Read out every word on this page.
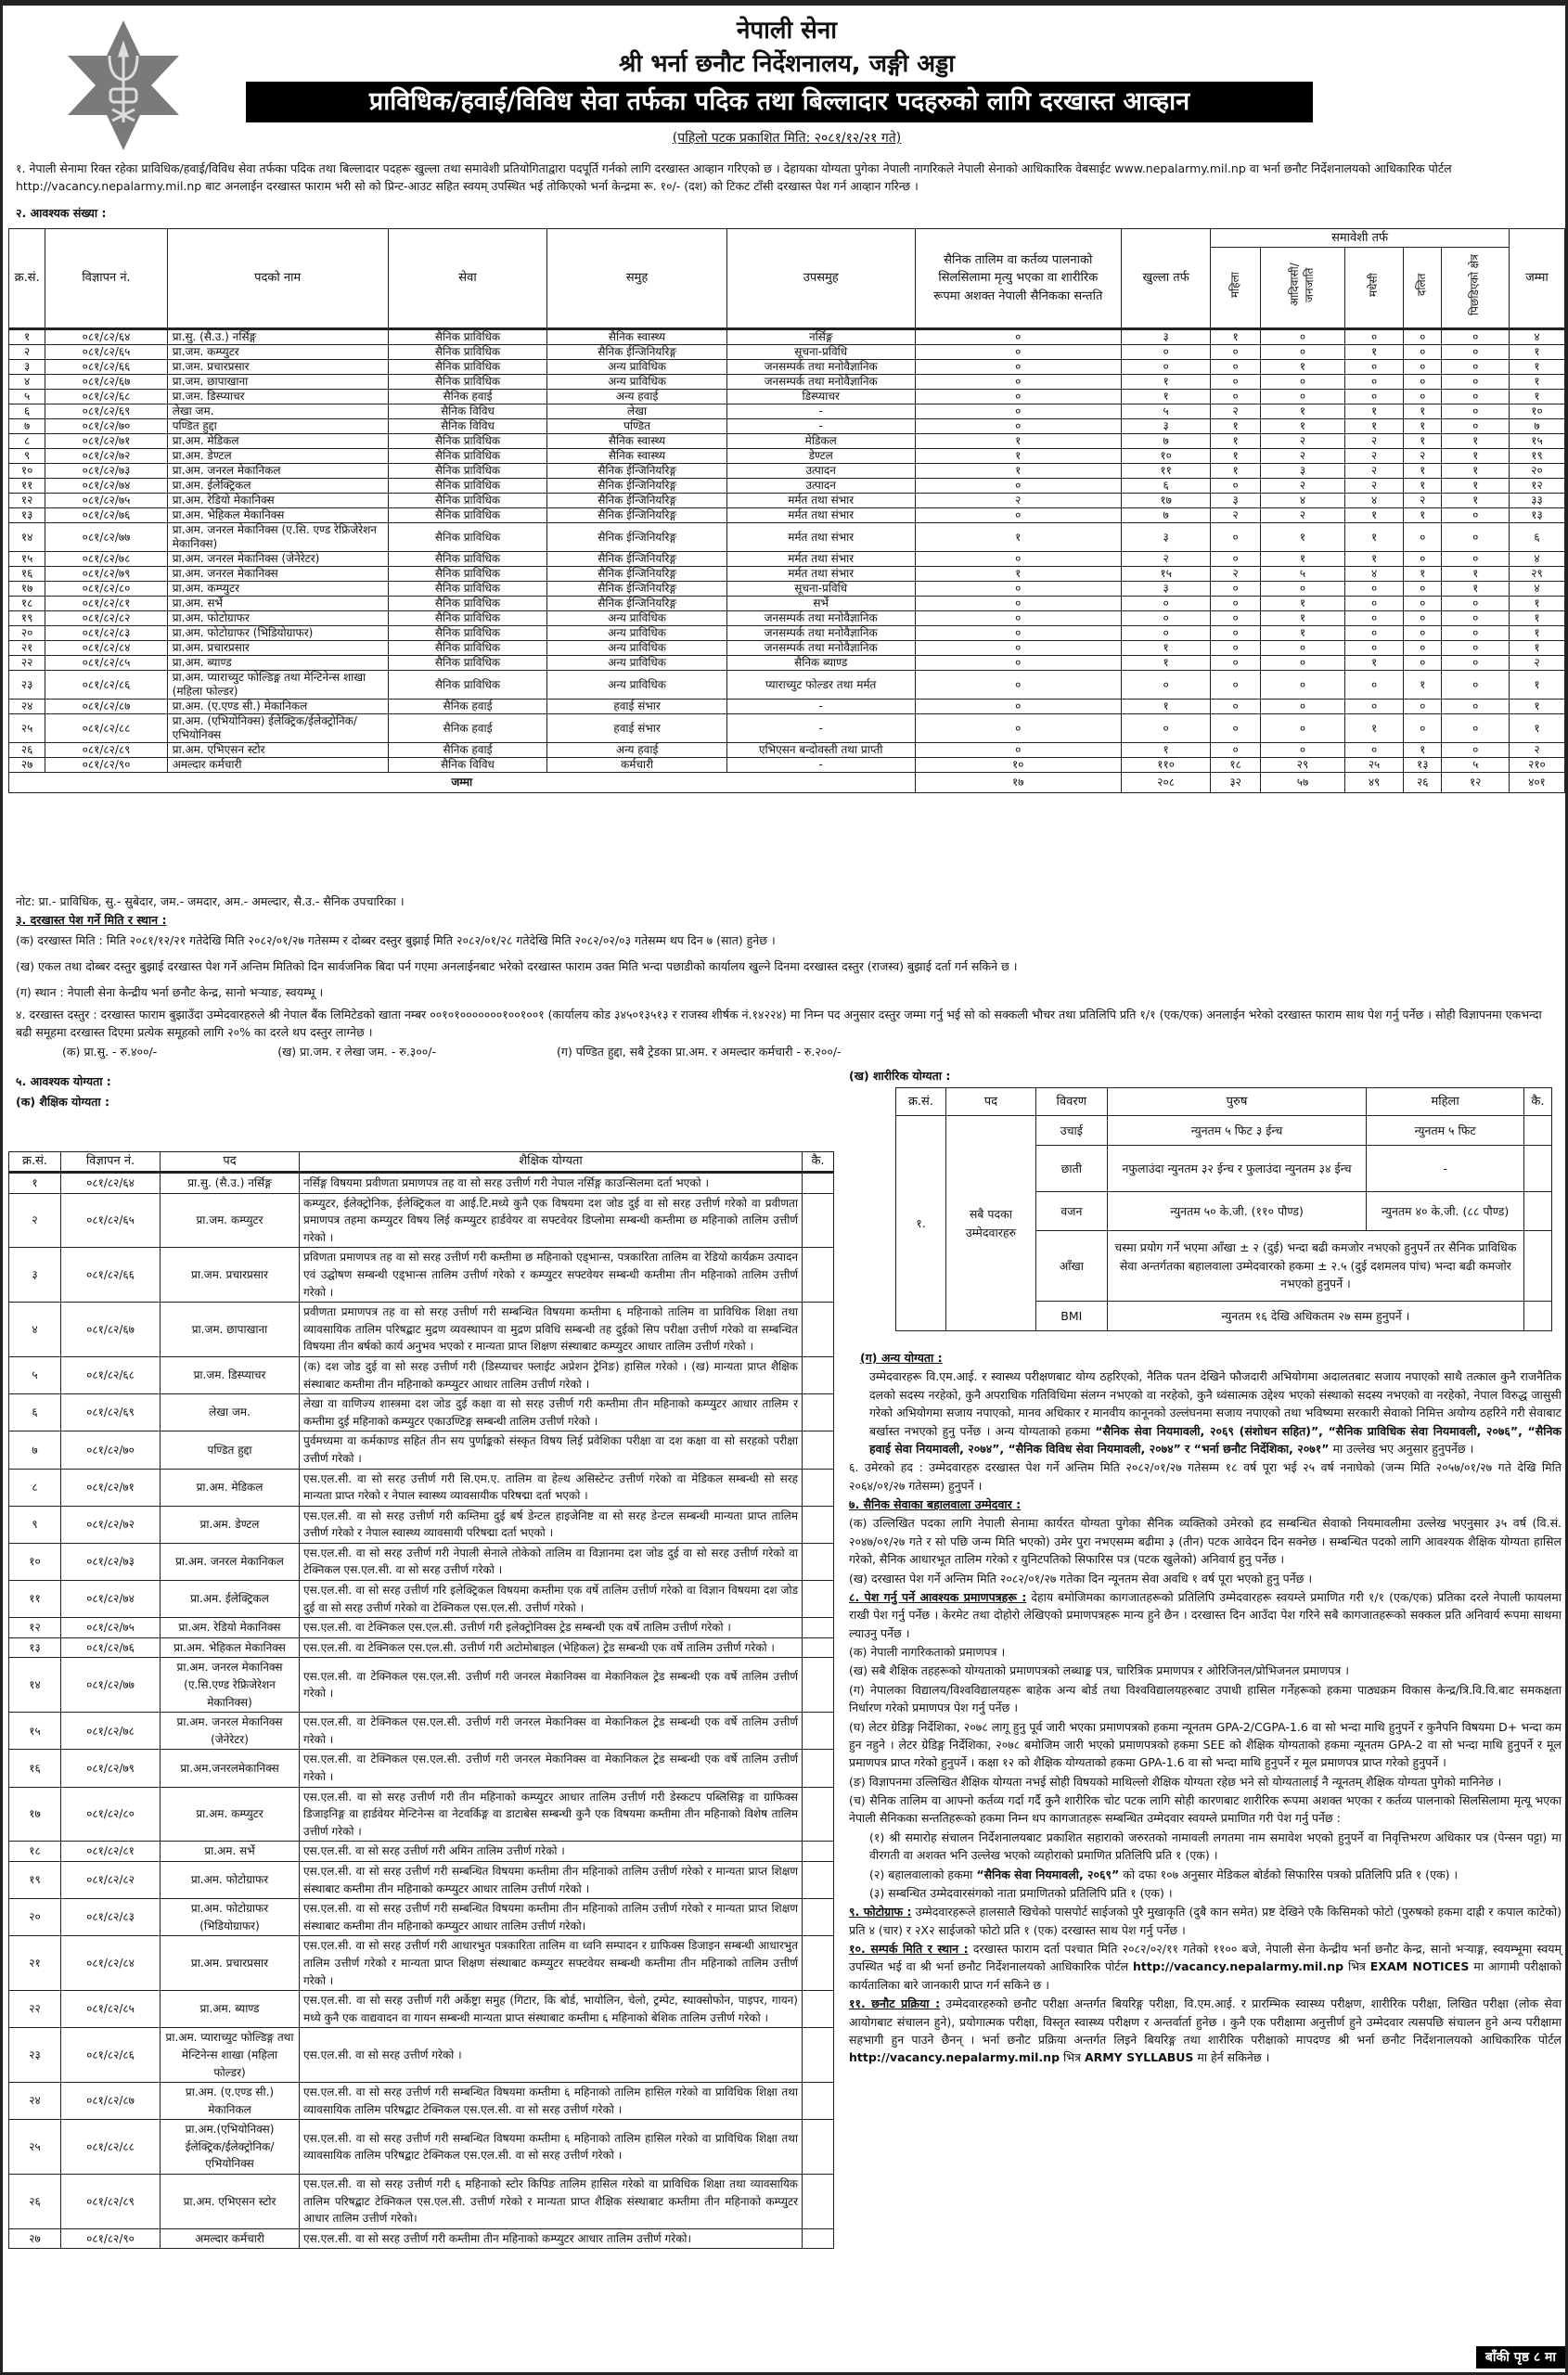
नेपाली सेना
श्री भर्ना छनौट निर्देशनालय, जङ्गी अड्डा
प्राविधिक/हवाई/विविध सेवा तर्फका पदिक तथा बिल्लादार पदहरुको लागि दरखास्त आव्हान
(पहिलो पटक प्रकाशित मिति: २०८१/१२/२१ गते)
१. नेपाली सेनामा रिक्त रहेका प्राविधिक/हवाई/विविध सेवा तर्फका पदिक तथा बिल्लादार पदहरू खुल्ला तथा समावेशी प्रतियोगिताद्वारा पदपूर्ति गर्नको लागि दरखास्त आव्हान गरिएको छ । देहायका योग्यता पुगेका नेपाली नागरिकले नेपाली सेनाको आधिकारिक वेबसाईट www.nepalarmy.mil.np वा भर्ना छनौट निर्देशनालयको आधिकारिक पोर्टल http://vacancy.nepalarmy.mil.np बाट अनलाईन दरखास्त फाराम भरी सो को प्रिन्ट-आउट सहित स्वयम् उपस्थित भई तोकिएको भर्ना केन्द्रमा रू. १०/- (दश) को टिकट टाँसी दरखास्त पेश गर्न आव्हान गरिन्छ ।
२. आवश्यक संख्या :
क्र.सं.	विज्ञापन नं.	पदको नाम	सेवा	समुह	उपसमुह	सैनिक तालिम वा कर्तव्य पालनाको सिलसिलामा मृत्यु भएका वा शारीरिक रूपमा अशक्त नेपाली सैनिकका सन्तति	खुल्ला तर्फ	समावेशी तर्फ					जम्मा
								महिला	आदिवासी/ जनजाति	मधेसी	दलित	पिछडिएको क्षेत्र	
१	०८१/८२/६४	प्रा.सु. (सै.उ.) नर्सिङ्ग	सैनिक प्राविधिक	सैनिक स्वास्थ्य	नर्सिङ्ग	०	३	१	०	०	०	०	४
२	०८१/८२/६५	प्रा.जम. कम्प्युटर	सैनिक प्राविधिक	सैनिक ईन्जिनियरिङ्ग	सूचना-प्रविधि	०	०	०	०	१	०	०	१
३	०८१/८२/६६	प्रा.जम. प्रचारप्रसार	सैनिक प्राविधिक	अन्य प्राविधिक	जनसम्पर्क तथा मनोवैज्ञानिक	०	०	०	१	०	०	०	१
४	०८१/८२/६७	प्रा.जम. छापाखाना	सैनिक प्राविधिक	अन्य प्राविधिक	जनसम्पर्क तथा मनोवैज्ञानिक	०	१	०	०	०	०	०	१
५	०८१/८२/६८	प्रा.जम. डिस्प्याचर	सैनिक हवाई	अन्य हवाई	डिस्प्याचर	०	१	०	०	०	०	०	१
६	०८१/८२/६९	लेखा जम.	सैनिक विविध	लेखा	-	०	५	२	१	१	१	०	१०
७	०८१/८२/७०	पण्डित हुद्दा	सैनिक विविध	पण्डित	-	०	३	१	१	१	१	०	७
८	०८१/८२/७१	प्रा.अम. मेडिकल	सैनिक प्राविधिक	सैनिक स्वास्थ्य	मेडिकल	१	७	१	२	२	१	१	१५
९	०८१/८२/७२	प्रा.अम. डेण्टल	सैनिक प्राविधिक	सैनिक स्वास्थ्य	डेण्टल	१	१०	१	२	२	२	१	१९
१०	०८१/८२/७३	प्रा.अम. जनरल मेकानिकल	सैनिक प्राविधिक	सैनिक ईन्जिनियरिङ्ग	उत्पादन	१	११	१	३	२	१	१	२०
११	०८१/८२/७४	प्रा.अम. ईलेक्ट्रिकल	सैनिक प्राविधिक	सैनिक ईन्जिनियरिङ्ग	उत्पादन	०	६	०	२	२	१	१	१२
१२	०८१/८२/७५	प्रा.अम. रेडियो मेकानिक्स	सैनिक प्राविधिक	सैनिक ईन्जिनियरिङ्ग	मर्मत तथा संभार	२	१७	३	४	४	२	१	३३
१३	०८१/८२/७६	प्रा.अम. भेहिकल मेकानिक्स	सैनिक प्राविधिक	सैनिक ईन्जिनियरिङ्ग	मर्मत तथा संभार	०	७	२	२	१	१	०	१३
१४	०८१/८२/७७	प्रा.अम. जनरल मेकानिक्स (ए.सि. एण्ड रेफ्रिजेरेशन मेकानिक्स)	सैनिक प्राविधिक	सैनिक ईन्जिनियरिङ्ग	मर्मत तथा संभार	१	३	०	१	१	०	०	६
१५	०८१/८२/७८	प्रा.अम. जनरल मेकानिक्स (जेनेरेटर)	सैनिक प्राविधिक	सैनिक ईन्जिनियरिङ्ग	मर्मत तथा संभार	०	२	०	१	१	०	०	४
१६	०८१/८२/७९	प्रा.अम. जनरल मेकानिक्स	सैनिक प्राविधिक	सैनिक ईन्जिनियरिङ्ग	मर्मत तथा संभार	१	१५	२	५	४	१	१	२९
१७	०८१/८२/८०	प्रा.अम. कम्प्युटर	सैनिक प्राविधिक	सैनिक ईन्जिनियरिङ्ग	सूचना-प्रविधि	०	३	०	०	०	०	१	४
१८	०८१/८२/८१	प्रा.अम. सर्भे	सैनिक प्राविधिक	सैनिक ईन्जिनियरिङ्ग	सर्भे	०	०	०	१	०	०	०	१
१९	०८१/८२/८२	प्रा.अम. फोटोग्राफर	सैनिक प्राविधिक	अन्य प्राविधिक	जनसम्पर्क तथा मनोवैज्ञानिक	०	०	०	१	०	०	०	१
२०	०८१/८२/८३	प्रा.अम. फोटोग्राफर (भिडियोग्राफर)	सैनिक प्राविधिक	अन्य प्राविधिक	जनसम्पर्क तथा मनोवैज्ञानिक	०	०	०	१	०	०	०	१
२१	०८१/८२/८४	प्रा.अम. प्रचारप्रसार	सैनिक प्राविधिक	अन्य प्राविधिक	जनसम्पर्क तथा मनोवैज्ञानिक	०	१	०	०	०	०	०	१
२२	०८१/८२/८५	प्रा.अम. ब्याण्ड	सैनिक प्राविधिक	अन्य प्राविधिक	सैनिक ब्याण्ड	०	१	०	०	१	०	०	२
२३	०८१/८२/८६	प्रा.अम. प्याराच्युट फोल्डिङ्ग तथा मेन्टिनेन्स शाखा (महिला फोल्डर)	सैनिक प्राविधिक	अन्य प्राविधिक	प्याराच्युट फोल्डर तथा मर्मत	०	०	०	०	०	१	०	१
२४	०८१/८२/८७	प्रा.अम. (ए.एण्ड सी.) मेकानिकल	सैनिक हवाई	हवाई संभार	-	०	१	०	०	०	०	०	१
२५	०८१/८२/८८	प्रा.अम. (एभियोनिक्स) ईलेक्ट्रिक/ईलेक्ट्रोनिक/ एभियोनिक्स	सैनिक हवाई	हवाई संभार	-	०	०	०	०	१	०	०	१
२६	०८१/८२/८९	प्रा.अम. एभिएसन स्टोर	सैनिक हवाई	अन्य हवाई	एभिएसन बन्दोवस्ती तथा प्राप्ती	०	१	०	०	०	१	०	२
२७	०८१/८२/९०	अमल्दार कर्मचारी	सैनिक विविध	कर्मचारी	-	१०	११०	१८	२९	२५	१३	५	२१०
जम्मा						१७	२०८	३२	५७	४९	२६	१२	४०१
नोट: प्रा.- प्राविधिक, सु.- सुबेदार, जम.- जमदार, अम.- अमल्दार, सै.उ.- सैनिक उपचारिका ।
३. दरखास्त पेश गर्ने मिति र स्थान :
(क) दरखास्त मिति : मिति २०८१/१२/२१ गतेदेखि मिति २०८२/०१/२७ गतेसम्म र दोब्बर दस्तुर बुझाई मिति २०८२/०१/२८ गतेदेखि मिति २०८२/०२/०३ गतेसम्म थप दिन ७ (सात) हुनेछ ।
(ख) एकल तथा दोब्बर दस्तुर बुझाई दरखास्त पेश गर्ने अन्तिम मितिको दिन सार्वजनिक बिदा पर्न गएमा अनलाईनबाट भरेको दरखास्त फाराम उक्त मिति भन्दा पछाडीको कार्यालय खुल्ने दिनमा दरखास्त दस्तुर (राजस्व) बुझाई दर्ता गर्न सकिने छ ।
(ग) स्थान : नेपाली सेना केन्द्रीय भर्ना छनौट केन्द्र, सानो भऱ्याङ, स्वयम्भू ।
४. दरखास्त दस्तुर : दरखास्त फाराम बुझाउँदा उम्मेदवारहरुले श्री नेपाल बैंक लिमिटेडको खाता नम्बर ००१०१०००००००१००१००१ (कार्यालय कोड ३४५०१३५१३ र राजस्व शीर्षक नं.१४२२४) मा निम्न पद अनुसार दस्तुर जम्मा गर्नु भई सो को सक्कली भौचर तथा प्रतिलिपि प्रति १/१ (एक/एक) अनलाईन भरेको दरखास्त फाराम साथ पेश गर्नु पर्नेछ । सोही विज्ञापनमा एकभन्दा बढी समूहमा दरखास्त दिएमा प्रत्येक समूहको लागि २०% का दरले थप दस्तुर लाग्नेछ ।
(क) प्रा.सु. - रु.४००/-	(ख) प्रा.जम. र लेखा जम. - रु.३००/-	(ग) पण्डित हुद्दा, सबै ट्रेडका प्रा.अम. र अमल्दार कर्मचारी - रु.२००/-
५. आवश्यक योग्यता :
(क) शैक्षिक योग्यता :
क्र.सं.	विज्ञापन नं.	पद	शैक्षिक योग्यता	कै.
१	०८१/८२/६४	प्रा.सु. (सै.उ.) नर्सिङ्ग	नर्सिङ्ग विषयमा प्रवीणता प्रमाणपत्र तह वा सो सरह उत्तीर्ण गरी नेपाल नर्सिङ्ग काउन्सिलमा दर्ता भएको ।	
२	०८१/८२/६५	प्रा.जम. कम्प्युटर	कम्प्युटर, ईलेक्ट्रोनिक, ईलेक्ट्रिकल वा आई.टि.मध्ये कुनै एक विषयमा दश जोड दुई वा सो सरह उत्तीर्ण गरेको वा प्रवीणता प्रमाणपत्र तहमा कम्प्युटर विषय लिई कम्प्युटर हार्डवेयर वा सफ्टवेयर डिप्लोमा सम्बन्धी कम्तीमा छ महिनाको तालिम उत्तीर्ण गरेको ।	
३	०८१/८२/६६	प्रा.जम. प्रचारप्रसार	प्रविणता प्रमाणपत्र तह वा सो सरह उत्तीर्ण गरी कम्तीमा छ महिनाको एड्भान्स, पत्रकारिता तालिम वा रेडियो कार्यक्रम उत्पादन एवं उद्घोषण सम्बन्धी एड्भान्स तालिम उत्तीर्ण गरेको र कम्प्युटर सफ्टवेयर सम्बन्धी कम्तीमा तीन महिनाको तालिम उत्तीर्ण गरेको ।	
४	०८१/८२/६७	प्रा.जम. छापाखाना	प्रवीणता प्रमाणपत्र तह वा सो सरह उत्तीर्ण गरी सम्बन्धित विषयमा कम्तीमा ६ महिनाको तालिम वा प्राविधिक शिक्षा तथा व्यावसायिक तालिम परिषद्बाट मुद्रण व्यवस्थापन वा मुद्रण प्रविधि सम्बन्धी तह दुईको सिप परीक्षा उत्तीर्ण गरेको वा सम्बन्धित विषयमा तीन बर्षको कार्य अनुभव भएको र मान्यता प्राप्त शिक्षण संस्थाबाट कम्प्युटर आधार तालिम उत्तीर्ण गरेको ।	
५	०८१/८२/६८	प्रा.जम. डिस्प्याचर	(क) दश जोड दुई वा सो सरह उत्तीर्ण गरी (डिस्प्याचर फ्लाईट अप्रेशन ट्रेनिङ) हासिल गरेको । (ख) मान्यता प्राप्त शैक्षिक संस्थाबाट कम्तीमा तीन महिनाको कम्प्युटर आधार तालिम उत्तीर्ण गरेको ।	
६	०८१/८२/६९	लेखा जम.	लेखा वा वाणिज्य शास्त्रमा दश जोड दुई कक्षा वा सो सरह उत्तीर्ण गरी कम्तीमा तीन महिनाको कम्प्युटर आधार तालिम र कम्तीमा दुई महिनाको कम्प्युटर एकाउण्टिङ्ग सम्बन्धी तालिम उत्तीर्ण गरेको ।	
७	०८१/८२/७०	पण्डित हुद्दा	पुर्वमध्यमा वा कर्मकाण्ड सहित तीन सय पुर्णाङ्कको संस्कृत विषय लिई प्रवेशिका परीक्षा वा दश कक्षा वा सो सरहको परीक्षा उत्तीर्ण गरेको ।	
८	०८१/८२/७१	प्रा.अम. मेडिकल	एस.एल.सी. वा सो सरह उत्तीर्ण गरी सि.एम.ए. तालिम वा हेल्थ असिस्टेन्ट उत्तीर्ण गरेको वा मेडिकल सम्बन्धी सो सरह मान्यता प्राप्त गरेको र नेपाल स्वास्थ्य व्यावसायीक परिषद्मा दर्ता भएको ।	
९	०८१/८२/७२	प्रा.अम. डेण्टल	एस.एल.सी. वा सो सरह उत्तीर्ण गरी कम्तिमा दुई बर्ष डेन्टल हाइजेनिष्ट वा सो सरह डेन्टल सम्बन्धी मान्यता प्राप्त तालिम उत्तीर्ण गरेको र नेपाल स्वास्थ्य व्यावसायी परिषद्मा दर्ता भएको ।	
१०	०८१/८२/७३	प्रा.अम. जनरल मेकानिकल	एस.एल.सी. वा सो सरह उत्तीर्ण गरी नेपाली सेनाले तोकेको तालिम वा विज्ञानमा दश जोड दुई वा सो सरह उत्तीर्ण गरेको वा टेक्निकल एस.एल.सी. वा सो सरह उत्तीर्ण गरेको ।	
११	०८१/८२/७४	प्रा.अम. ईलेक्ट्रिकल	एस.एल.सी. वा सो सरह उत्तीर्ण गरि इलेक्ट्रिकल विषयमा कम्तीमा एक वर्षे तालिम उत्तीर्ण गरेको वा विज्ञान विषयमा दश जोड दुई वा सो सरह उत्तीर्ण गरेको वा टेक्निकल एस.एल.सी. उत्तीर्ण गरेको ।	
१२	०८१/८२/७५	प्रा.अम. रेडियो मेकानिक्स	एस.एल.सी. वा टेक्निकल एस.एल.सी. उत्तीर्ण गरी इलेक्ट्रोनिक्स ट्रेड सम्बन्धी एक वर्षे तालिम उत्तीर्ण गरेको ।	
१३	०८१/८२/७६	प्रा.अम. भेहिकल मेकानिक्स	एस.एल.सी. वा टेक्निकल एस.एल.सी. उत्तीर्ण गरी अटोमोबाइल (भेहिकल) ट्रेड सम्बन्धी एक वर्षे तालिम उत्तीर्ण गरेको ।	
१४	०८१/८२/७७	प्रा.अम. जनरल मेकानिक्स (ए.सि.एण्ड रेफ्रिजेरेशन मेकानिक्स)	एस.एल.सी. वा टेक्निकल एस.एल.सी. उत्तीर्ण गरी जनरल मेकानिक्स वा मेकानिकल ट्रेड सम्बन्धी एक वर्षे तालिम उत्तीर्ण गरेको ।	
१५	०८१/८२/७८	प्रा.अम. जनरल मेकानिक्स (जेनेरेटर)	एस.एल.सी. वा टेक्निकल एस.एल.सी. उत्तीर्ण गरी जनरल मेकानिक्स वा मेकानिकल ट्रेड सम्बन्धी एक वर्षे तालिम उत्तीर्ण गरेको ।	
१६	०८१/८२/७९	प्रा.अम.जनरलमेकानिक्स	एस.एल.सी. वा टेक्निकल एस.एल.सी. उत्तीर्ण गरी जनरल मेकानिक्स वा मेकानिकल ट्रेड सम्बन्धी एक वर्षे तालिम उत्तीर्ण गरेको ।	
१७	०८१/८२/८०	प्रा.अम. कम्प्युटर	एस.एल.सी. वा सो सरह उत्तीर्ण गरी तीन महिनाको कम्प्युटर आधार तालिम उत्तीर्ण गरी डेस्कटप पब्लिसिङ्ग वा ग्राफिक्स डिजाइनिङ्ग वा हार्डवेयर मेन्टिनेन्स वा नेटवर्किङ्ग वा डाटाबेस सम्बन्धी कुनै एक विषयमा कम्तीमा तीन महिनाको विशेष तालिम उत्तीर्ण गरेको ।	
१८	०८१/८२/८१	प्रा.अम. सर्भे	एस.एल.सी. वा सो सरह उत्तीर्ण गरी अमिन तालिम उत्तीर्ण गरेको ।	
१९	०८१/८२/८२	प्रा.अम. फोटोग्राफर	एस.एल.सी. वा सो सरह उत्तीर्ण गरी सम्बन्धित विषयमा कम्तीमा तीन महिनाको तालिम उत्तीर्ण गरेको र मान्यता प्राप्त शिक्षण संस्थाबाट कम्तीमा तीन महिनाको कम्प्युटर आधार तालिम उत्तीर्ण गरेको ।	
२०	०८१/८२/८३	प्रा.अम. फोटोग्राफर (भिडियोग्राफर)	एस.एल.सी. वा सो सरह उत्तीर्ण गरी सम्बन्धित विषयमा कम्तीमा तीन महिनाको तालिम उत्तीर्ण गरेको र मान्यता प्राप्त शिक्षण संस्थाबाट कम्तीमा तीन महिनाको कम्प्युटर आधार तालिम उत्तीर्ण गरेको।	
२१	०८१/८२/८४	प्रा.अम. प्रचारप्रसार	एस.एल.सी. वा सो सरह उत्तीर्ण गरी आधारभुत पत्रकारिता तालिम वा ध्वनि सम्पादन र ग्राफिक्स डिजाइन सम्बन्धी आधारभुत तालिम उत्तीर्ण गरेको र मान्यता प्राप्त शिक्षण संस्थाबाट कम्प्युटर सफ्टवेयर सम्बन्धी कम्तीमा तीन महिनाको तालिम उत्तीर्ण गरेको ।	
२२	०८१/८२/८५	प्रा.अम. ब्याण्ड	एस.एल.सी. वा सो सरह उत्तीर्ण गरी अर्केष्ट्रा समुह (गिटार, कि बोर्ड, भायोलिन, चेलो, ट्रम्पेट, स्याक्सोफोन, पाइपर, गायन) मध्ये कुनै एक वाद्यवादन वा गायन सम्बन्धी मान्यता प्राप्त संस्थाबाट कम्तीमा ६ महिनाको बेशिक तालिम उत्तीर्ण गरेको ।	
२३	०८१/८२/८६	प्रा.अम. प्याराच्युट फोल्डिङ्ग तथा मेन्टिनेन्स शाखा (महिला फोल्डर)	एस.एल.सी. वा सो सरह उत्तीर्ण गरेको ।	
२४	०८१/८२/८७	प्रा.अम. (ए.एण्ड सी.) मेकानिकल	एस.एल.सी. वा सो सरह उत्तीर्ण गरी सम्बन्धित विषयमा कम्तीमा ६ महिनाको तालिम हासिल गरेको वा प्राविधिक शिक्षा तथा व्यावसायिक तालिम परिषद्बाट टेक्निकल एस.एल.सी. वा सो सरह उत्तीर्ण गरेको ।	
२५	०८१/८२/८८	प्रा.अम.(एभियोनिक्स) ईलेक्ट्रिक/ईलेक्ट्रोनिक/ एभियोनिक्स	एस.एल.सी. वा सो सरह उत्तीर्ण गरी सम्बन्धित विषयमा कम्तीमा ६ महिनाको तालिम हासिल गरेको वा प्राविधिक शिक्षा तथा व्यावसायिक तालिम परिषद्बाट टेक्निकल एस.एल.सी. वा सो सरह उत्तीर्ण गरेको ।	
२६	०८१/८२/८९	प्रा.अम. एभिएसन स्टोर	एस.एल.सी. वा सो सरह उत्तीर्ण गरी ६ महिनाको स्टोर किपिङ तालिम हासिल गरेको वा प्राविधिक शिक्षा तथा व्यावसायिक तालिम परिषद्बाट टेक्निकल एस.एल.सी. उत्तीर्ण गरेको र मान्यता प्राप्त शैक्षिक संस्थाबाट कम्तीमा तीन महिनाको कम्प्युटर आधार तालिम उत्तीर्ण गरेको।	
२७	०८१/८२/९०	अमल्दार कर्मचारी	एस.एल.सी. वा सो सरह उत्तीर्ण गरी कम्तीमा तीन महिनाको कम्प्युटर आधार तालिम उत्तीर्ण गरेको।	
(ख) शारीरिक योग्यता :
क्र.सं.	पद	विवरण	पुरुष	महिला	कै.
१.	सबै पदका उम्मेदवारहरु	उचाई	न्युनतम ५ फिट ३ ईन्च	न्युनतम ५ फिट	
		छाती	नफुलाउंदा न्युनतम ३२ ईन्च र फुलाउंदा न्युनतम ३४ ईन्च	-	
		वजन	न्युनतम ५० के.जी. (११० पौण्ड)	न्युनतम ४० के.जी. (८८ पौण्ड)	
		आँखा	चस्मा प्रयोग गर्ने भएमा आँखा ± २ (दुई) भन्दा बढी कमजोर नभएको हुनुपर्ने तर सैनिक प्राविधिक सेवा अन्तर्गतका बहालवाला उम्मेदवारको हकमा ± २.५ (दुई दशमलव पांच) भन्दा बढी कमजोर नभएको हुनुपर्ने ।		
		BMI	न्युनतम १६ देखि अधिकतम २७ सम्म हुनुपर्ने ।		
(ग) अन्य योग्यता :
उम्मेदवारहरू वि.एम.आई. र स्वास्थ्य परीक्षणबाट योग्य ठहरिएको, नैतिक पतन देखिने फौजदारी अभियोगमा अदालतबाट सजाय नपाएको साथै तत्काल कुनै राजनैतिक दलको सदस्य नरहेको, कुनै अपराधिक गतिविधिमा संलग्न नभएको वा नरहेको, कुनै ध्वंसात्मक उद्देश्य भएको संस्थाको सदस्य नभएको वा नरहेको, नेपाल विरुद्ध जासुसी गरेको अभियोगमा सजाय नपाएको, मानव अधिकार र मानवीय कानूनको उल्लंघनमा सजाय नपाएको तथा भविष्यमा सरकारी सेवाको निमित्त अयोग्य ठहरिने गरी सेवाबाट बर्खास्त नभएको हुनु पर्नेछ । अन्य योग्यताको हकमा “सैनिक सेवा नियमावली, २०६९ (संशोधन सहित)”, “सैनिक प्राविधिक सेवा नियमावली, २०७६”, “सैनिक हवाई सेवा नियमावली, २०७४”, “सैनिक विविध सेवा नियमावली, २०७४” र “भर्ना छनौट निर्देशिका, २०७१” मा उल्लेख भए अनुसार हुनुपर्नेछ ।
६. उमेरको हद : उम्मेदवारहरु दरखास्त पेश गर्ने अन्तिम मिति २०८२/०१/२७ गतेसम्म १८ वर्ष पूरा भई २५ वर्ष ननाघेको (जन्म मिति २०५७/०१/२७ गते देखि मिति २०६४/०१/२७ गतेसम्म) हुनुपर्ने ।
७. सैनिक सेवाका बहालवाला उम्मेदवार :
(क) उल्लिखित पदका लागि नेपाली सेनामा कार्यरत योग्यता पुगेका सैनिक व्यक्तिको उमेरको हद सम्बन्धित सेवाको नियमावलीमा उल्लेख भएनुसार ३५ वर्ष (वि.सं. २०४७/०१/२७ गते र सो पछि जन्म मिति भएको) उमेर पुरा नभएसम्म बढीमा ३ (तीन) पटक आवेदन दिन सक्नेछ । सम्बन्धित पदको लागि आवश्यक शैक्षिक योग्यता हासिल गरेको, सैनिक आधारभूत तालिम गरेको र युनिटपतिको सिफारिस पत्र (पटक खुलेको) अनिवार्य हुनु पर्नेछ ।
(ख) दरखास्त पेश गर्ने अन्तिम मिति २०८२/०१/२७ गतेका दिन न्यूनतम सेवा अवधि १ वर्ष पूरा भएको हुनु पर्नेछ ।
८. पेश गर्नु पर्ने आवश्यक प्रमाणपत्रहरू : देहाय बमोजिमका कागजातहरूको प्रतिलिपि उम्मेदवारहरू स्वयम्ले प्रमाणित गरी १/१ (एक/एक) प्रतिका दरले नेपाली फायलमा राखी पेश गर्नु पर्नेछ । केरमेट तथा दोहोरो लेखिएको प्रमाणपत्रहरू मान्य हुने छैन । दरखास्त दिन आउँदा पेश गरिने सबै कागजातहरूको सक्कल प्रति अनिवार्य रूपमा साथमा ल्याउनु पर्नेछ ।
(क) नेपाली नागरिकताको प्रमाणपत्र ।
(ख) सबै शैक्षिक तहहरूको योग्यताको प्रमाणपत्रको लब्धाङ्क पत्र, चारित्रिक प्रमाणपत्र र ओरिजिनल/प्रोभिजनल प्रमाणपत्र ।
(ग) नेपालका विद्यालय/विश्वविद्यालयहरू बाहेक अन्य बोर्ड तथा विश्वविद्यालयहरुबाट उपाधी हासिल गर्नेहरूको हकमा पाठ्यक्रम विकास केन्द्र/त्रि.वि.वि.बाट समकक्षता निर्धारण गरेको प्रमाणपत्र पेश गर्नु पर्नेछ ।
(घ) लेटर ग्रेडिङ्ग निर्देशिका, २०७८ लागू हुनु पूर्व जारी भएका प्रमाणपत्रको हकमा न्यूनतम GPA-2/CGPA-1.6 वा सो भन्दा माथि हुनुपर्ने र कुनैपनि विषयमा D+ भन्दा कम हुन नहुने । लेटर ग्रेडिङ्ग निर्देशिका, २०७८ बमोजिम जारी भएको प्रमाणपत्रको हकमा SEE को शैक्षिक योग्यताको हकमा न्यूनतम GPA-2 वा सो भन्दा माथि हुनुपर्ने र मूल प्रमाणपत्र प्राप्त गरेको हुनुपर्ने । कक्षा १२ को शैक्षिक योग्यताको हकमा GPA-1.6 वा सो भन्दा माथि हुनुपर्ने र मूल प्रमाणपत्र प्राप्त गरेको हुनुपर्ने ।
(ङ) विज्ञापनमा उल्लिखित शैक्षिक योग्यता नभई सोही विषयको माथिल्लो शैक्षिक योग्यता रहेछ भने सो योग्यतालाई नै न्यूनतम् शैक्षिक योग्यता पुगेको मानिनेछ ।
(च) सैनिक तालिम वा आफ्नो कर्तव्य गर्दा गर्दै कुनै शारीरिक चोट पटक लागि सोही कारणबाट शारीरिक रूपमा अशक्त भएका र कर्तव्य पालनाको सिलसिलामा मृत्यू भएका नेपाली सैनिकका सन्ततिहरूको हकमा निम्न थप कागजातहरू सम्बन्धित उम्मेदवार स्वयम्ले प्रमाणित गरी पेश गर्नु पर्नेछ :
(१) श्री समारोह संचालन निर्देशनालयबाट प्रकाशित सहाराको जरुरतको नामावली लगतमा नाम समावेश भएको हुनुपर्ने वा निवृत्तिभरण अधिकार पत्र (पेन्सन पट्टा) मा वीरगती वा अशक्त भनि उल्लेख भएको व्यहोराको प्रमाणित प्रतिलिपि प्रति १ (एक) ।
(२) बहालवालाको हकमा “सैनिक सेवा नियमावली, २०६९” को दफा १०७ अनुसार मेडिकल बोर्डको सिफारिस पत्रको प्रतिलिपि प्रति १ (एक) ।
(३) सम्बन्धित उम्मेदवारसंगको नाता प्रमाणितको प्रतिलिपि प्रति १ (एक) ।
९. फोटोग्राफ : उम्मेदवारहरूले हालसालै खिचेको पासपोर्ट साईजको पुरै मुखाकृति (दुबै कान समेत) प्रष्ट देखिने एकै किसिमको फोटो (पुरुषको हकमा दाह्री र कपाल काटेको) प्रति ४ (चार) र २X२ साईजको फोटो प्रति १ (एक) दरखास्त साथ पेश गर्नु पर्नेछ ।
१०. सम्पर्क मिति र स्थान : दरखास्त फाराम दर्ता पश्चात मिति २०८२/०२/११ गतेको ११०० बजे, नेपाली सेना केन्द्रीय भर्ना छनौट केन्द्र, सानो भऱ्याङ्ग, स्वयम्भूमा स्वयम् उपस्थित भई वा श्री भर्ना छनौट निर्देशनालयको आधिकारिक पोर्टल http://vacancy.nepalarmy.mil.np भित्र EXAM NOTICES मा आगामी परीक्षाको कार्यतालिका बारे जानकारी प्राप्त गर्न सकिने छ ।
११. छनौट प्रक्रिया : उम्मेदवारहरुको छनौट परीक्षा अन्तर्गत बियरिङ्ग परीक्षा, वि.एम.आई. र प्रारम्भिक स्वास्थ्य परीक्षण, शारीरिक परीक्षा, लिखित परीक्षा (लोक सेवा आयोगबाट संचालन हुने), प्रयोगात्मक परीक्षा, विस्तृत स्वास्थ्य परीक्षण र अन्तर्वार्ता हुनेछ । कुनै एक परीक्षामा अनुत्तीर्ण हुने उम्मेदवार त्यसपछि संचालन हुने अन्य परीक्षामा सहभागी हुन पाउने छैनन् । भर्ना छनौट प्रक्रिया अन्तर्गत लिइने बियरिङ्ग तथा शारीरिक परीक्षाको मापदण्ड श्री भर्ना छनौट निर्देशनालयको आधिकारिक पोर्टल http://vacancy.nepalarmy.mil.np भित्र ARMY SYLLABUS मा हेर्न सकिनेछ ।
बाँकी पृष्ठ ८ मा
